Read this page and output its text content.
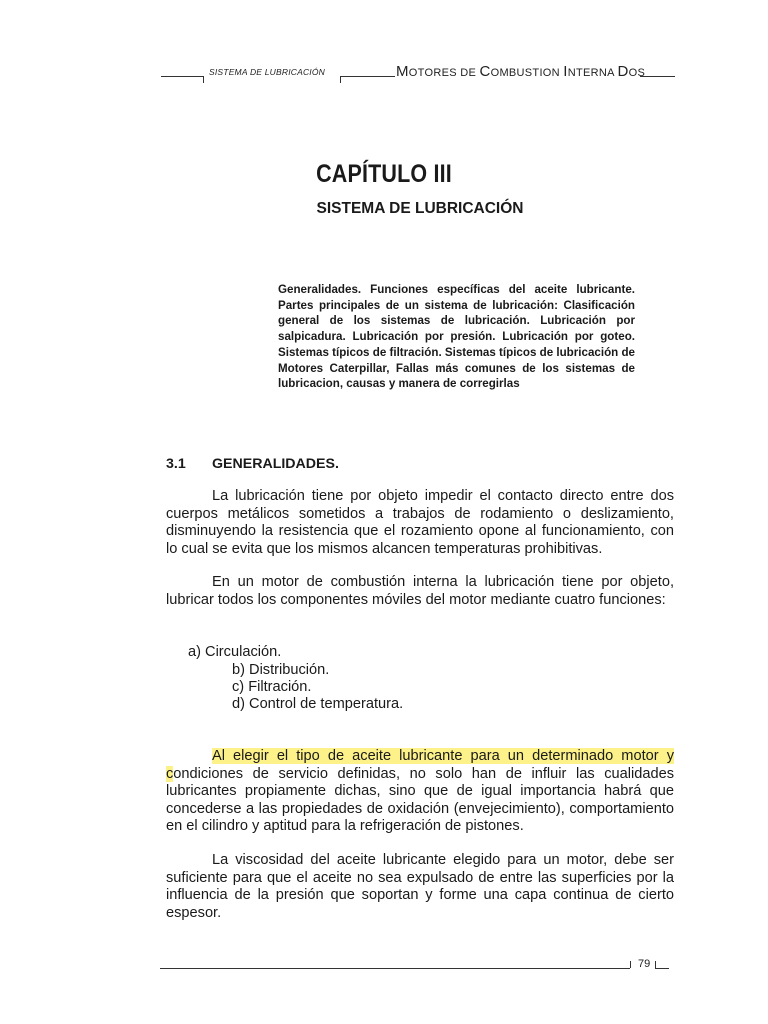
SISTEMA DE LUBRICACIÓN	MOTORES DE COMBUSTION INTERNA DOS
CAPÍTULO III
SISTEMA DE LUBRICACIÓN
Generalidades. Funciones específicas del aceite lubricante. Partes principales de un sistema de lubricación: Clasificación general de los sistemas de lubricación. Lubricación por salpicadura. Lubricación por presión. Lubricación por goteo. Sistemas típicos de filtración. Sistemas típicos de lubricación de Motores Caterpillar, Fallas más comunes de los sistemas de lubricacion, causas y manera de corregirlas
3.1 GENERALIDADES.
La lubricación tiene por objeto impedir el contacto directo entre dos cuerpos metálicos sometidos a trabajos de rodamiento o deslizamiento, disminuyendo la resistencia que el rozamiento opone al funcionamiento, con lo cual se evita que los mismos alcancen temperaturas prohibitivas.
En un motor de combustión interna la lubricación tiene por objeto, lubricar todos los componentes móviles del motor mediante cuatro funciones:
a) Circulación.
b) Distribución.
c) Filtración.
d) Control de temperatura.
Al elegir el tipo de aceite lubricante para un determinado motor y condiciones de servicio definidas, no solo han de influir las cualidades lubricantes propiamente dichas, sino que de igual importancia habrá que concederse a las propiedades de oxidación (envejecimiento), comportamiento en el cilindro y aptitud para la refrigeración de pistones.
La viscosidad del aceite lubricante elegido para un motor, debe ser suficiente para que el aceite no sea expulsado de entre las superficies por la influencia de la presión que soportan y forme una capa continua de cierto espesor.
79
